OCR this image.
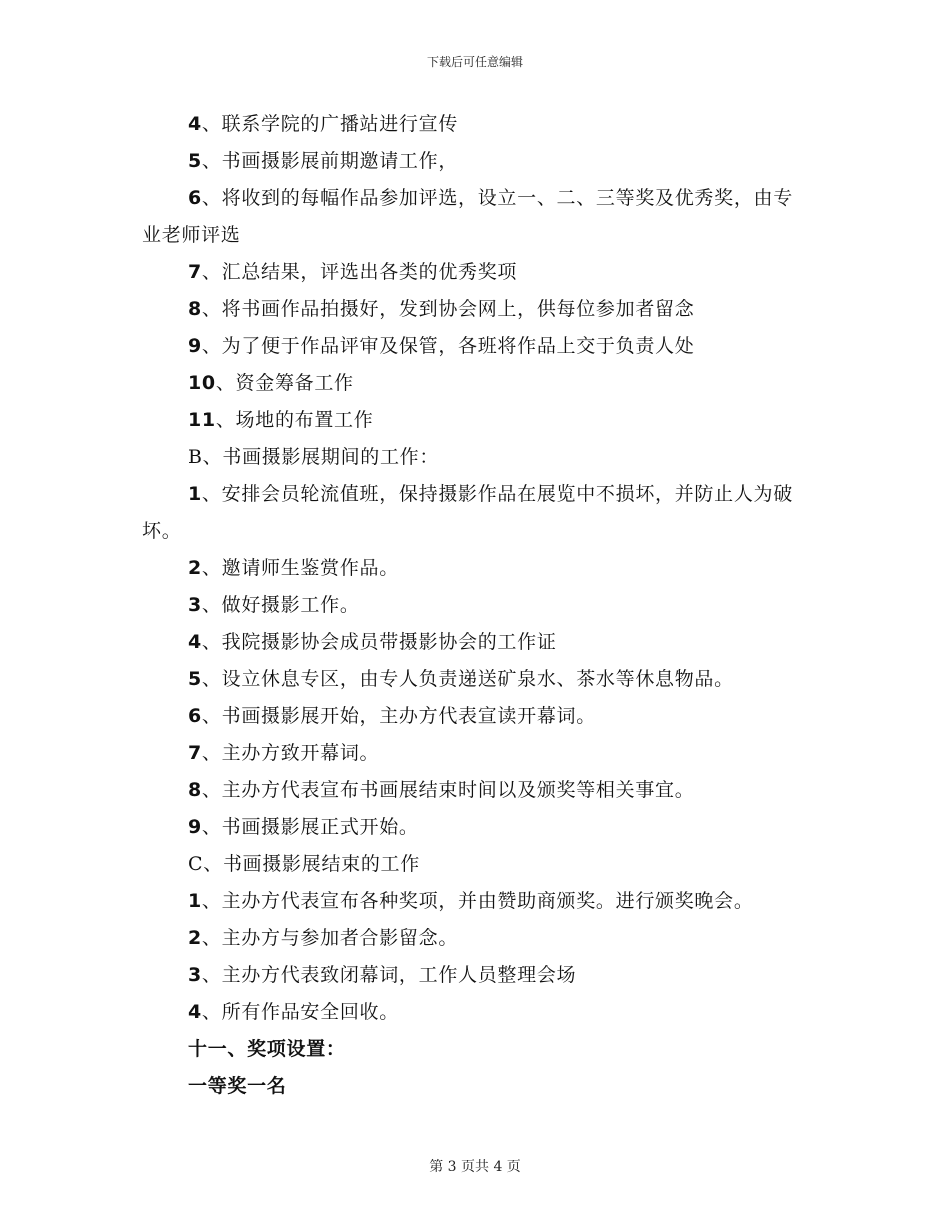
下载后可任意编辑

4、联系学院的广播站进行宣传

5、书画摄影展前期邀请工作，

6、将收到的每幅作品参加评选，设立一、二、三等奖及优秀奖，由专业老师评选

7、汇总结果，评选出各类的优秀奖项

8、将书画作品拍摄好，发到协会网上，供每位参加者留念

9、为了便于作品评审及保管，各班将作品上交于负责人处

10、资金筹备工作

11、场地的布置工作

B、书画摄影展期间的工作：

1、安排会员轮流值班，保持摄影作品在展览中不损坏，并防止人为破坏。

2、邀请师生鉴赏作品。

3、做好摄影工作。

4、我院摄影协会成员带摄影协会的工作证

5、设立休息专区，由专人负责递送矿泉水、茶水等休息物品。

6、书画摄影展开始，主办方代表宣读开幕词。

7、主办方致开幕词。

8、主办方代表宣布书画展结束时间以及颁奖等相关事宜。

9、书画摄影展正式开始。

C、书画摄影展结束的工作

1、主办方代表宣布各种奖项，并由赞助商颁奖。进行颁奖晚会。

2、主办方与参加者合影留念。

3、主办方代表致闭幕词，工作人员整理会场

4、所有作品安全回收。

十一、奖项设置：

一等奖一名

第 3 页共 4 页
